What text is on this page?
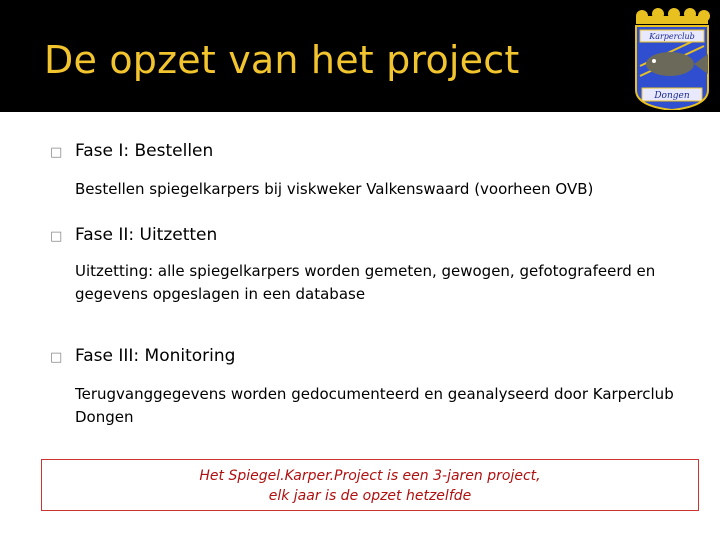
De opzet van het project
Karperclub
Dongen
□ Fase I: Bestellen
Bestellen spiegelkarpers bij viskweker Valkenswaard (voorheen OVB)
□ Fase II: Uitzetten
Uitzetting: alle spiegelkarpers worden gemeten, gewogen, gefotografeerd en
gegevens opgeslagen in een database
□ Fase III: Monitoring
Terugvanggegevens worden gedocumenteerd en geanalyseerd door Karperclub
Dongen
Het Spiegel.Karper.Project is een 3-jaren project,
elk jaar is de opzet hetzelfde
